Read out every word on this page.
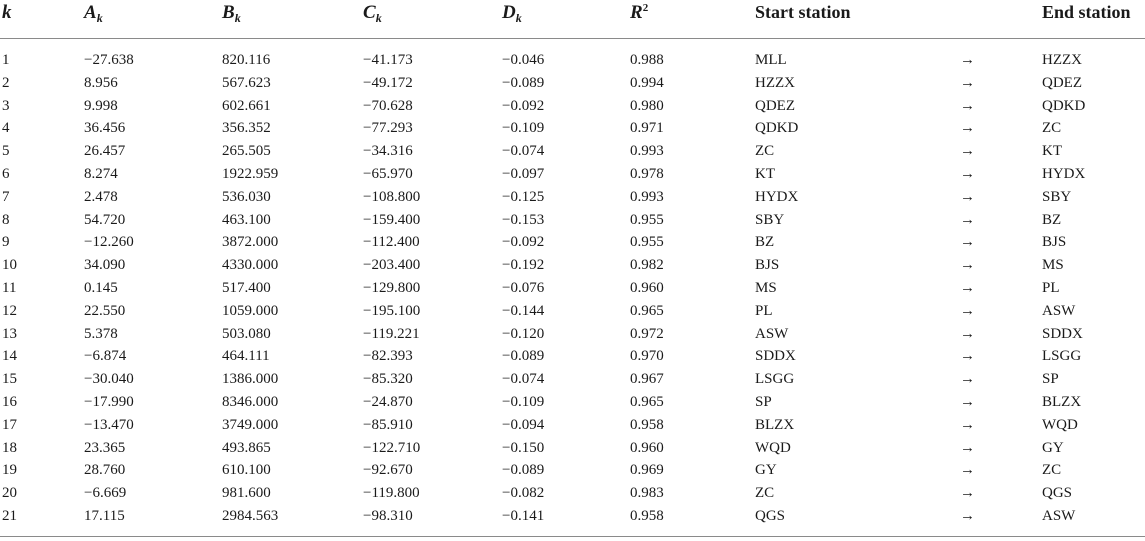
k	$A_k$	$B_k$	$C_k$	$D_k$	$R^2$	Start station		End station
1	−27.638	820.116	−41.173	−0.046	0.988	MLL	→	HZZX
2	8.956	567.623	−49.172	−0.089	0.994	HZZX	→	QDEZ
3	9.998	602.661	−70.628	−0.092	0.980	QDEZ	→	QDKD
4	36.456	356.352	−77.293	−0.109	0.971	QDKD	→	ZC
5	26.457	265.505	−34.316	−0.074	0.993	ZC	→	KT
6	8.274	1922.959	−65.970	−0.097	0.978	KT	→	HYDX
7	2.478	536.030	−108.800	−0.125	0.993	HYDX	→	SBY
8	54.720	463.100	−159.400	−0.153	0.955	SBY	→	BZ
9	−12.260	3872.000	−112.400	−0.092	0.955	BZ	→	BJS
10	34.090	4330.000	−203.400	−0.192	0.982	BJS	→	MS
11	0.145	517.400	−129.800	−0.076	0.960	MS	→	PL
12	22.550	1059.000	−195.100	−0.144	0.965	PL	→	ASW
13	5.378	503.080	−119.221	−0.120	0.972	ASW	→	SDDX
14	−6.874	464.111	−82.393	−0.089	0.970	SDDX	→	LSGG
15	−30.040	1386.000	−85.320	−0.074	0.967	LSGG	→	SP
16	−17.990	8346.000	−24.870	−0.109	0.965	SP	→	BLZX
17	−13.470	3749.000	−85.910	−0.094	0.958	BLZX	→	WQD
18	23.365	493.865	−122.710	−0.150	0.960	WQD	→	GY
19	28.760	610.100	−92.670	−0.089	0.969	GY	→	ZC
20	−6.669	981.600	−119.800	−0.082	0.983	ZC	→	QGS
21	17.115	2984.563	−98.310	−0.141	0.958	QGS	→	ASW
